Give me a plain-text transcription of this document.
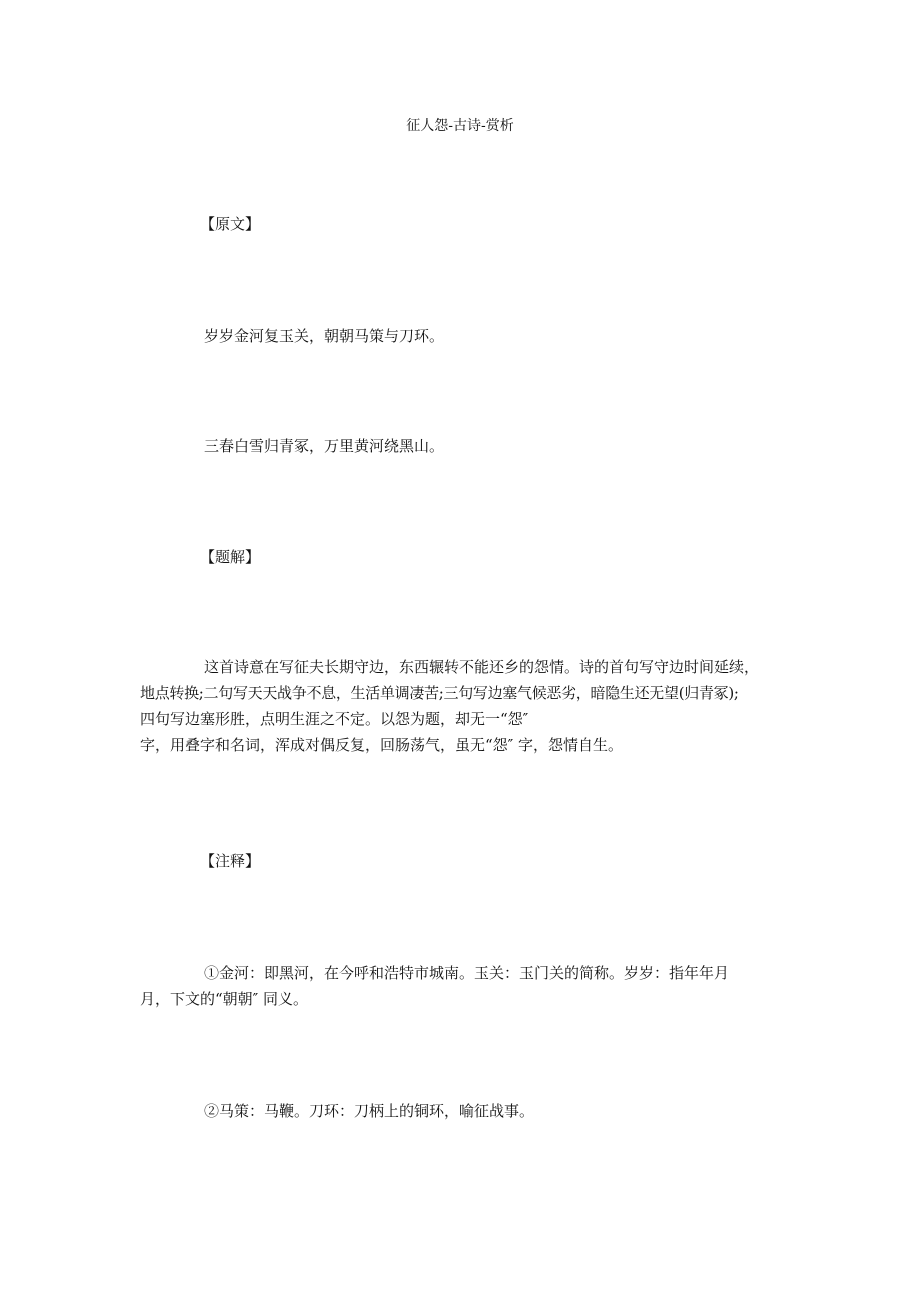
征人怨-古诗-赏析
【原文】
岁岁金河复玉关，朝朝马策与刀环。
三春白雪归青冢，万里黄河绕黑山。
【题解】
这首诗意在写征夫长期守边，东西辗转不能还乡的怨情。诗的首句写守边时间延续，
地点转换;二句写天天战争不息，生活单调凄苦;三句写边塞气候恶劣，暗隐生还无望(归青冢);
四句写边塞形胜，点明生涯之不定。以怨为题，却无一“怨″
字，用叠字和名词，浑成对偶反复，回肠荡气，虽无“怨″ 字，怨情自生。
【注释】
①金河：即黑河，在今呼和浩特市城南。玉关：玉门关的简称。岁岁：指年年月
月，下文的“朝朝″ 同义。
②马策：马鞭。刀环：刀柄上的铜环，喻征战事。
